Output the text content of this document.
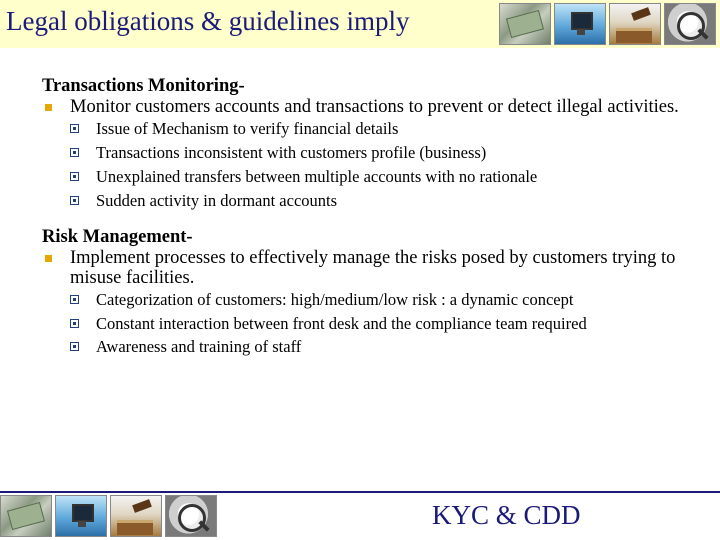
Legal obligations & guidelines imply
Transactions Monitoring-
Monitor customers accounts and transactions to prevent or detect illegal activities.
Issue of Mechanism to verify financial details
Transactions inconsistent with customers profile (business)
Unexplained transfers between multiple accounts with no rationale
Sudden activity in dormant accounts
Risk Management-
Implement processes to effectively manage the risks posed by customers trying to misuse facilities.
Categorization of customers: high/medium/low risk : a dynamic concept
Constant interaction between front desk and the compliance team required
Awareness and training of staff
KYC & CDD
